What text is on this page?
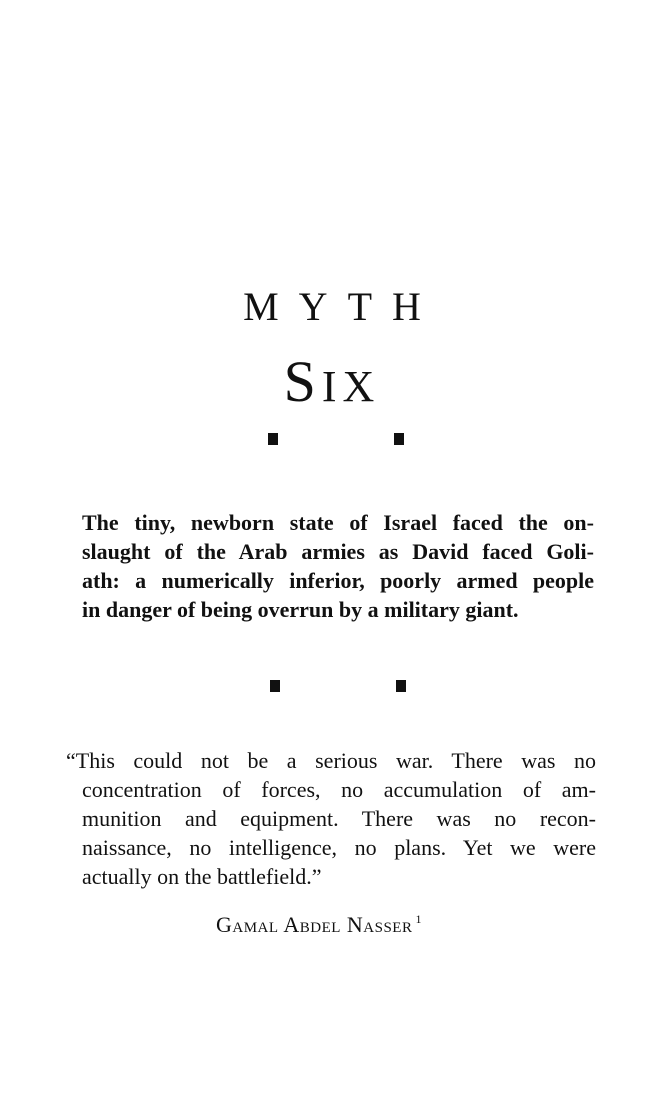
MYTH
SIX
The tiny, newborn state of Israel faced the on-
slaught of the Arab armies as David faced Goli-
ath: a numerically inferior, poorly armed people
in danger of being overrun by a military giant.
“This could not be a serious war. There was no
concentration of forces, no accumulation of am-
munition and equipment. There was no recon-
naissance, no intelligence, no plans. Yet we were
actually on the battlefield.”
Gamal Abdel Nasser $^1$
